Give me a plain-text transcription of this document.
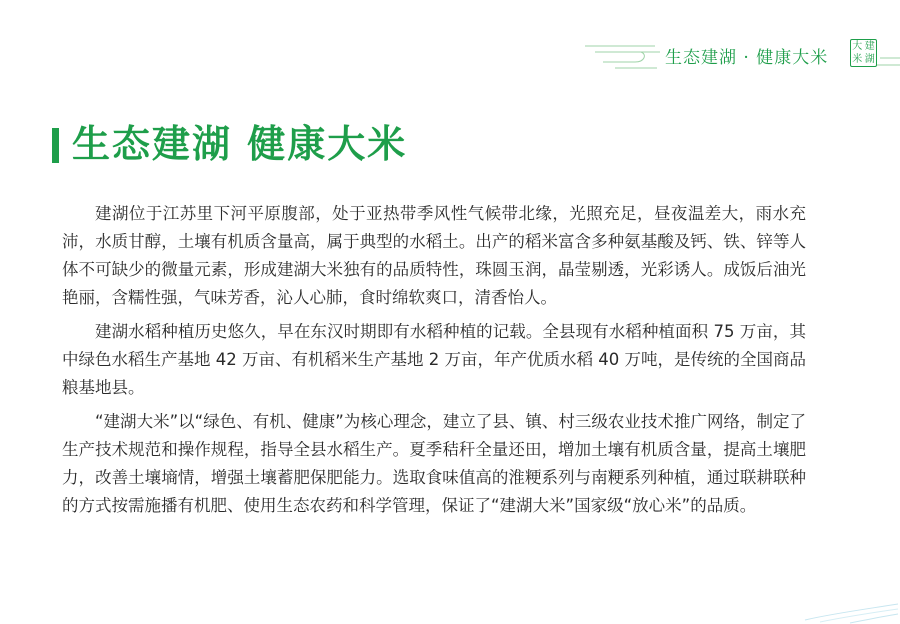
生态建湖 · 健康大米
大 建
米 湖
生态建湖 健康大米

建湖位于江苏里下河平原腹部，处于亚热带季风性气候带北缘，光照充足，昼夜温差大，雨水充沛，水质甘醇，土壤有机质含量高，属于典型的水稻土。出产的稻米富含多种氨基酸及钙、铁、锌等人体不可缺少的微量元素，形成建湖大米独有的品质特性，珠圆玉润，晶莹剔透，光彩诱人。成饭后油光艳丽，含糯性强，气味芳香，沁人心肺，食时绵软爽口，清香怡人。

建湖水稻种植历史悠久，早在东汉时期即有水稻种植的记载。全县现有水稻种植面积 75 万亩，其中绿色水稻生产基地 42 万亩、有机稻米生产基地 2 万亩，年产优质水稻 40 万吨，是传统的全国商品粮基地县。

“建湖大米”以“绿色、有机、健康”为核心理念，建立了县、镇、村三级农业技术推广网络，制定了生产技术规范和操作规程，指导全县水稻生产。夏季秸秆全量还田，增加土壤有机质含量，提高土壤肥力，改善土壤墒情，增强土壤蓄肥保肥能力。选取食味值高的淮粳系列与南粳系列种植，通过联耕联种的方式按需施播有机肥、使用生态农药和科学管理，保证了“建湖大米”国家级“放心米”的品质。
